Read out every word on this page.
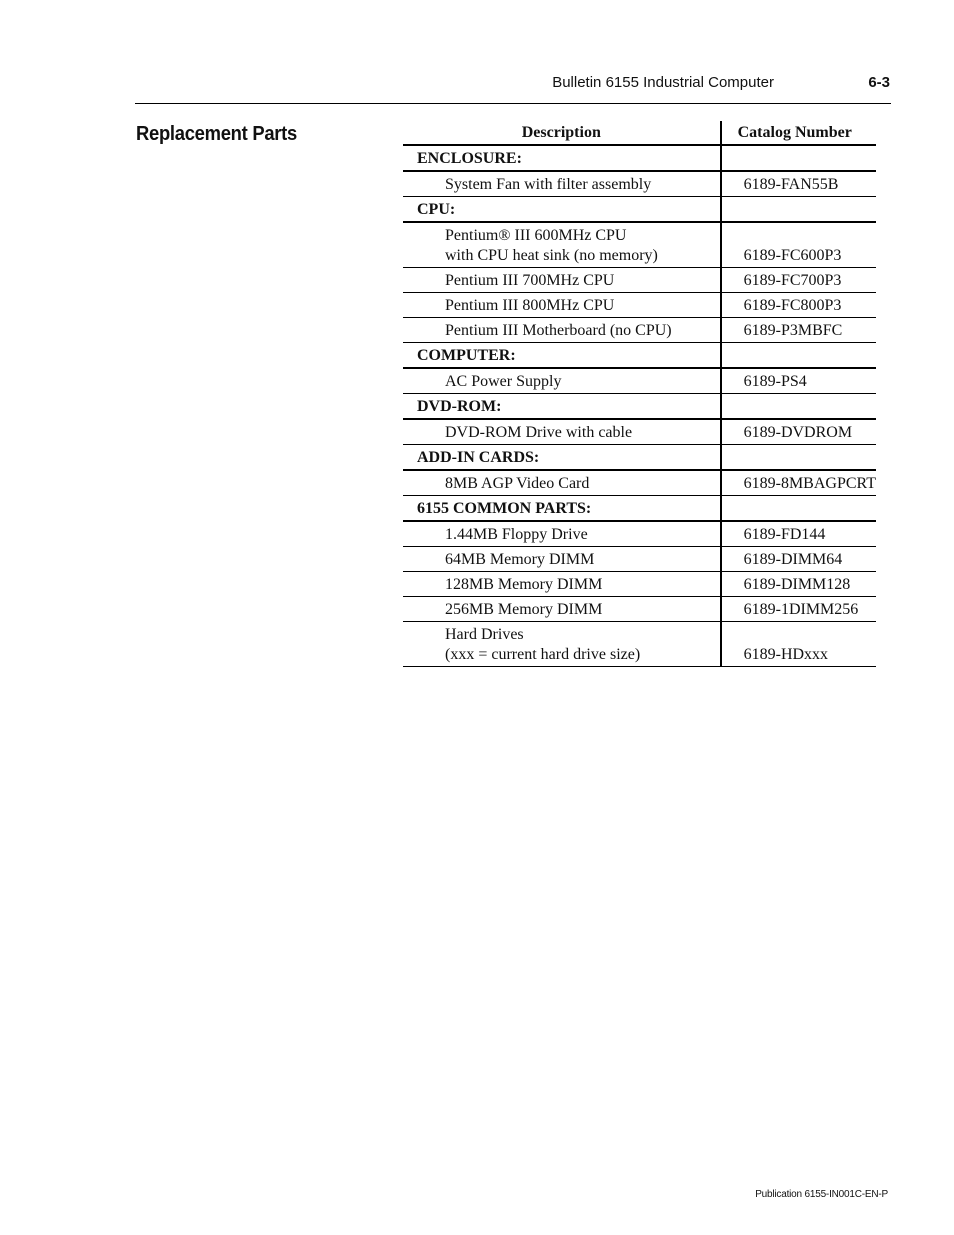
Bulletin 6155 Industrial Computer	6-3
Replacement Parts	Description	Catalog Number

ENCLOSURE:	

System Fan with filter assembly	6189-FAN55B

CPU:	

Pentium® III 600MHz CPU
with CPU heat sink (no memory)	6189-FC600P3

Pentium III 700MHz CPU	6189-FC700P3

Pentium III 800MHz CPU	6189-FC800P3

Pentium III Motherboard (no CPU)	6189-P3MBFC

COMPUTER:	

AC Power Supply	6189-PS4

DVD-ROM:	

DVD-ROM Drive with cable	6189-DVDROM

ADD-IN CARDS:	

8MB AGP Video Card	6189-8MBAGPCRT

6155 COMMON PARTS:	

1.44MB Floppy Drive	6189-FD144

64MB Memory DIMM	6189-DIMM64

128MB Memory DIMM	6189-DIMM128

256MB Memory DIMM	6189-1DIMM256

Hard Drives
(xxx = current hard drive size)	6189-HDxxx
Publication 6155-IN001C-EN-P
